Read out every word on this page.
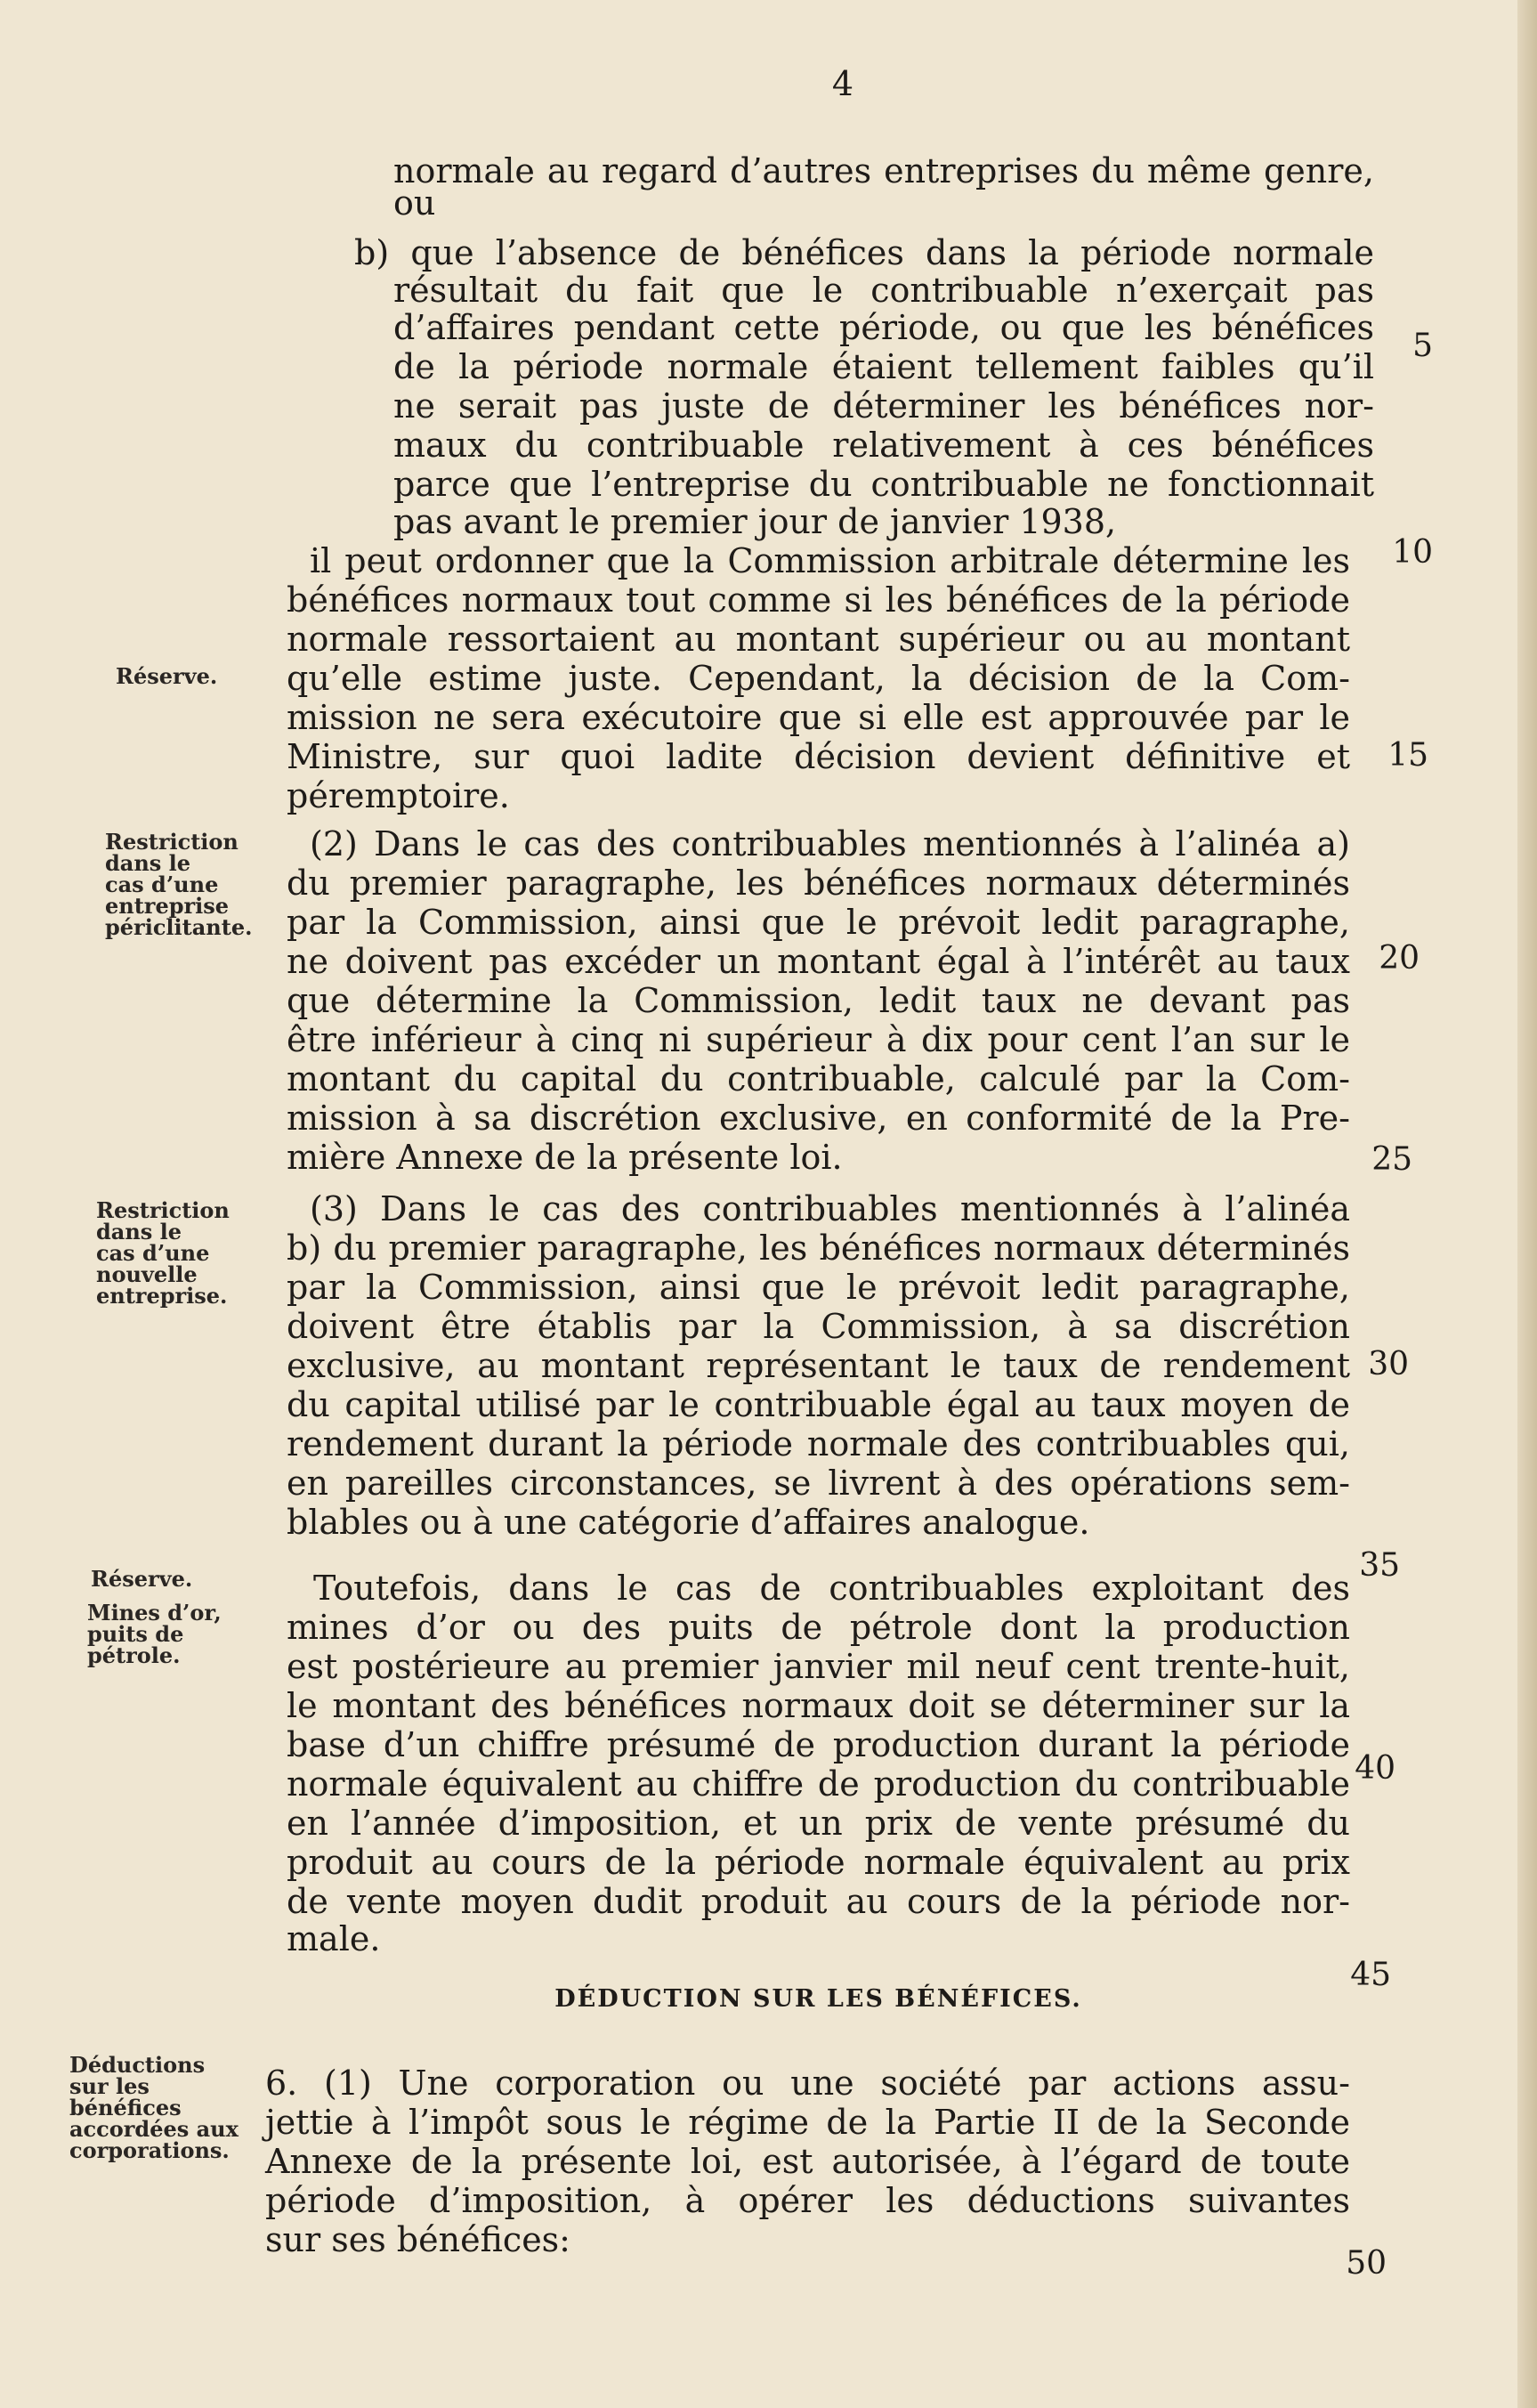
4
normale au regard d’autres entreprises du même genre,
ou
b) que l’absence de bénéfices dans la période normale
résultait du fait que le contribuable n’exerçait pas
d’affaires pendant cette période, ou que les bénéfices
de la période normale étaient tellement faibles qu’il
ne serait pas juste de déterminer les bénéfices nor-
maux du contribuable relativement à ces bénéfices
parce que l’entreprise du contribuable ne fonctionnait
pas avant le premier jour de janvier 1938,
il peut ordonner que la Commission arbitrale détermine les
bénéfices normaux tout comme si les bénéfices de la période
normale ressortaient au montant supérieur ou au montant
qu’elle estime juste. Cependant, la décision de la Com-
mission ne sera exécutoire que si elle est approuvée par le
Ministre, sur quoi ladite décision devient définitive et
péremptoire.
(2) Dans le cas des contribuables mentionnés à l’alinéa a)
du premier paragraphe, les bénéfices normaux déterminés
par la Commission, ainsi que le prévoit ledit paragraphe,
ne doivent pas excéder un montant égal à l’intérêt au taux
que détermine la Commission, ledit taux ne devant pas
être inférieur à cinq ni supérieur à dix pour cent l’an sur le
montant du capital du contribuable, calculé par la Com-
mission à sa discrétion exclusive, en conformité de la Pre-
mière Annexe de la présente loi.
(3) Dans le cas des contribuables mentionnés à l’alinéa
b) du premier paragraphe, les bénéfices normaux déterminés
par la Commission, ainsi que le prévoit ledit paragraphe,
doivent être établis par la Commission, à sa discrétion
exclusive, au montant représentant le taux de rendement
du capital utilisé par le contribuable égal au taux moyen de
rendement durant la période normale des contribuables qui,
en pareilles circonstances, se livrent à des opérations sem-
blables ou à une catégorie d’affaires analogue.
Toutefois, dans le cas de contribuables exploitant des
mines d’or ou des puits de pétrole dont la production
est postérieure au premier janvier mil neuf cent trente-huit,
le montant des bénéfices normaux doit se déterminer sur la
base d’un chiffre présumé de production durant la période
normale équivalent au chiffre de production du contribuable
en l’année d’imposition, et un prix de vente présumé du
produit au cours de la période normale équivalent au prix
de vente moyen dudit produit au cours de la période nor-
male.
DÉDUCTION SUR LES BÉNÉFICES.
6. (1) Une corporation ou une société par actions assu-
jettie à l’impôt sous le régime de la Partie II de la Seconde
Annexe de la présente loi, est autorisée, à l’égard de toute
période d’imposition, à opérer les déductions suivantes
sur ses bénéfices:
5
10
15
20
25
30
35
40
45
50
Réserve.
Restriction
dans le
cas d’une
entreprise
périclitante.
Restriction
dans le
cas d’une
nouvelle
entreprise.
Réserve.
Mines d’or,
puits de
pétrole.
Déductions
sur les
bénéfices
accordées aux
corporations.
